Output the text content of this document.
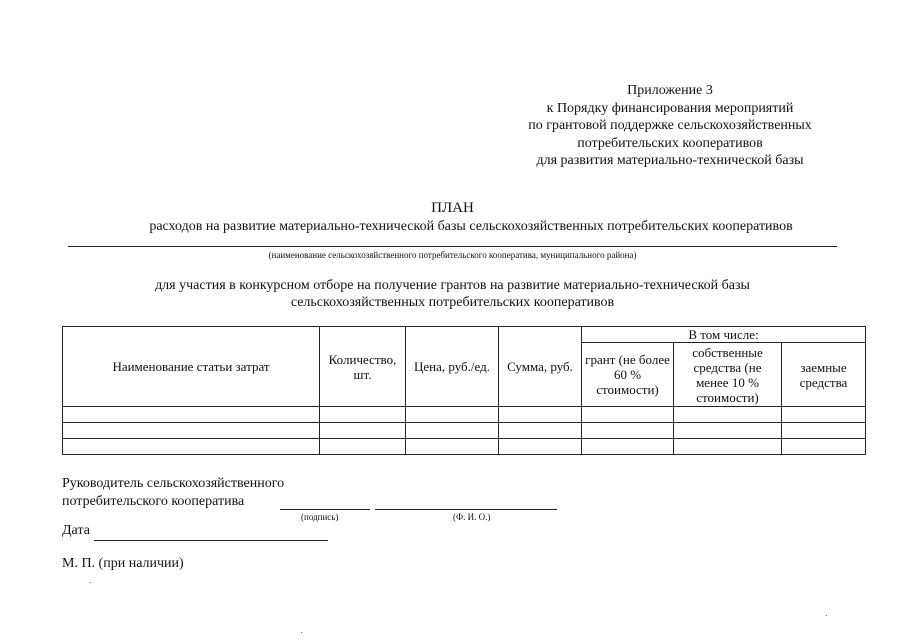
Приложение 3
к Порядку финансирования мероприятий
по грантовой поддержке сельскохозяйственных
потребительских кооперативов
для развития материально-технической базы
ПЛАН
расходов на развитие материально-технической базы сельскохозяйственных потребительских кооперативов
(наименование сельскохозяйственного потребительского кооператива, муниципального района)
для участия в конкурсном отборе на получение грантов на развитие материально-технической базы
сельскохозяйственных потребительских кооперативов
Наименование статьи затрат	Количество, шт.	Цена, руб./ед.	Сумма, руб.	В том числе:		
				грант (не более 60 % стоимости)	собственные средства (не менее 10 % стоимости)	заемные средства

Руководитель сельскохозяйственного
потребительского кооператива
(подпись)	(Ф. И. О.)
Дата
М. П. (при наличии)
